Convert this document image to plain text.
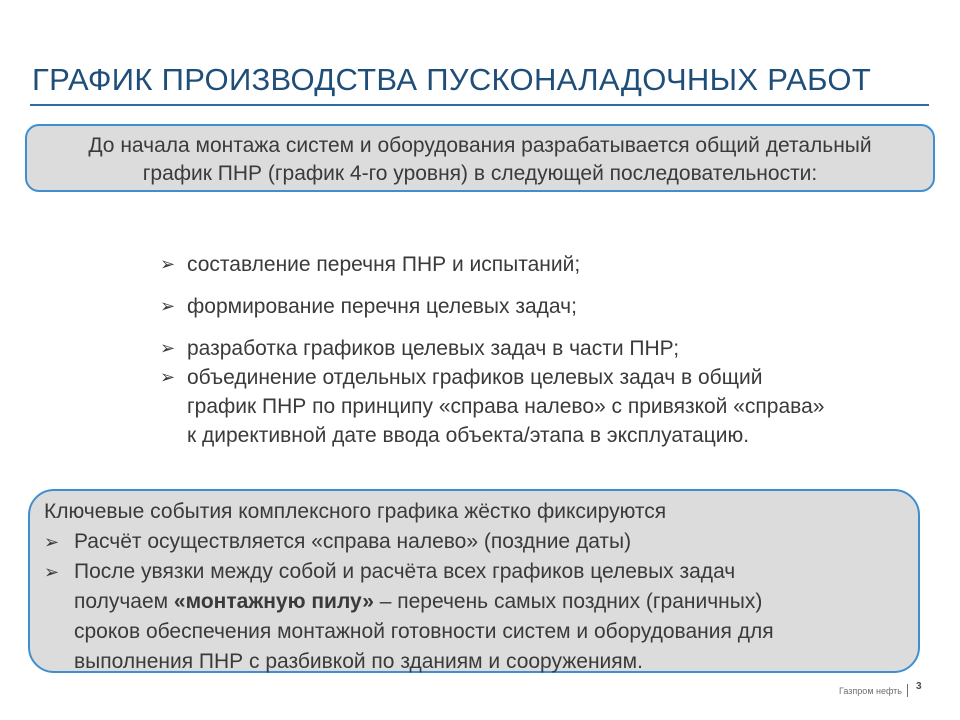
ГРАФИК ПРОИЗВОДСТВА ПУСКОНАЛАДОЧНЫХ РАБОТ
До начала монтажа систем и оборудования разрабатывается общий детальный
график ПНР (график 4-го уровня) в следующей последовательности:
➢ составление перечня ПНР и испытаний;
➢ формирование перечня целевых задач;
➢ разработка графиков целевых задач в части ПНР;
➢ объединение отдельных графиков целевых задач в общий
график ПНР по принципу «справа налево» с привязкой «справа»
к директивной дате ввода объекта/этапа в эксплуатацию.
Ключевые события комплексного графика жёстко фиксируются
➢ Расчёт осуществляется «справа налево» (поздние даты)
➢ После увязки между собой и расчёта всех графиков целевых задач
получаем «монтажную пилу» – перечень самых поздних (граничных)
сроков обеспечения монтажной готовности систем и оборудования для
выполнения ПНР с разбивкой по зданиям и сооружениям.
Газпром нефть 3
